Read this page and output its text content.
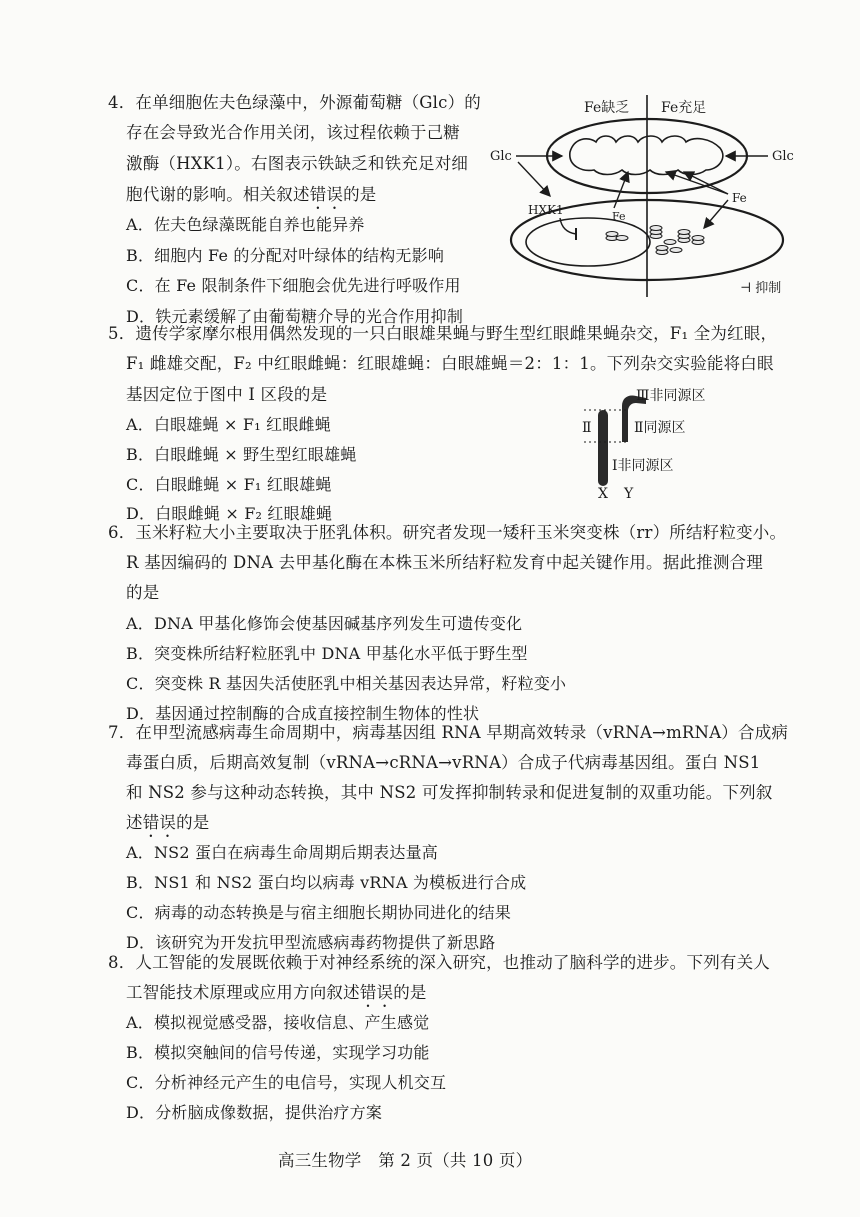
4．在单细胞佐夫色绿藻中，外源葡萄糖（Glc）的
存在会导致光合作用关闭，该过程依赖于己糖
激酶（HXK1）。右图表示铁缺乏和铁充足对细
胞代谢的影响。相关叙述错误的是
A．佐夫色绿藻既能自养也能异养
B．细胞内 Fe 的分配对叶绿体的结构无影响
C．在 Fe 限制条件下细胞会优先进行呼吸作用
D．铁元素缓解了由葡萄糖介导的光合作用抑制
Fe缺乏 Fe充足
Glc	Glc
HXK1	Fe
Fe
⊣ 抑制
5．遗传学家摩尔根用偶然发现的一只白眼雄果蝇与野生型红眼雌果蝇杂交，F₁ 全为红眼，
F₁ 雌雄交配，F₂ 中红眼雌蝇：红眼雄蝇：白眼雄蝇＝2：1：1。下列杂交实验能将白眼
基因定位于图中 I 区段的是
A．白眼雄蝇 × F₁ 红眼雌蝇
B．白眼雌蝇 × 野生型红眼雄蝇
C．白眼雌蝇 × F₁ 红眼雄蝇
D．白眼雌蝇 × F₂ 红眼雄蝇
Ⅱ
Ⅲ非同源区
Ⅱ同源区
Ⅰ非同源区
X Y
6．玉米籽粒大小主要取决于胚乳体积。研究者发现一矮秆玉米突变株（rr）所结籽粒变小。
R 基因编码的 DNA 去甲基化酶在本株玉米所结籽粒发育中起关键作用。据此推测合理
的是
A．DNA 甲基化修饰会使基因碱基序列发生可遗传变化
B．突变株所结籽粒胚乳中 DNA 甲基化水平低于野生型
C．突变株 R 基因失活使胚乳中相关基因表达异常，籽粒变小
D．基因通过控制酶的合成直接控制生物体的性状
7．在甲型流感病毒生命周期中，病毒基因组 RNA 早期高效转录（vRNA→mRNA）合成病
毒蛋白质，后期高效复制（vRNA→cRNA→vRNA）合成子代病毒基因组。蛋白 NS1
和 NS2 参与这种动态转换，其中 NS2 可发挥抑制转录和促进复制的双重功能。下列叙
述错误的是
A．NS2 蛋白在病毒生命周期后期表达量高
B．NS1 和 NS2 蛋白均以病毒 vRNA 为模板进行合成
C．病毒的动态转换是与宿主细胞长期协同进化的结果
D．该研究为开发抗甲型流感病毒药物提供了新思路
8．人工智能的发展既依赖于对神经系统的深入研究，也推动了脑科学的进步。下列有关人
工智能技术原理或应用方向叙述错误的是
A．模拟视觉感受器，接收信息、产生感觉
B．模拟突触间的信号传递，实现学习功能
C．分析神经元产生的电信号，实现人机交互
D．分析脑成像数据，提供治疗方案
高三生物学　第 2 页（共 10 页）
